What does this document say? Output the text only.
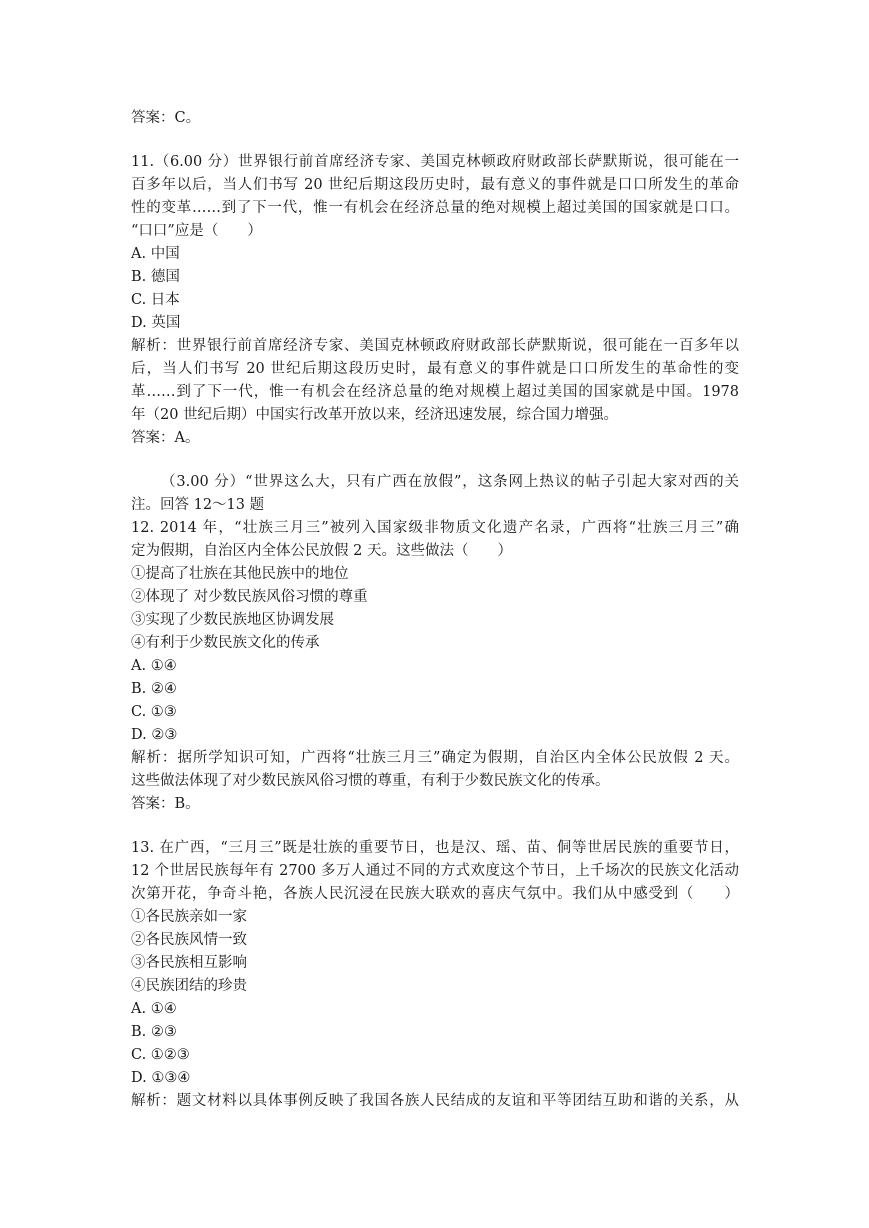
答案：C。
11.（6.00 分）世界银行前首席经济专家、美国克林顿政府财政部长萨默斯说，很可能在一
百多年以后，当人们书写 20 世纪后期这段历史时，最有意义的事件就是口口所发生的革命
性的变革……到了下一代，惟一有机会在经济总量的绝对规模上超过美国的国家就是口口。
“口口”应是（　　）
A. 中国
B. 德国
C. 日本
D. 英国
解析：世界银行前首席经济专家、美国克林顿政府财政部长萨默斯说，很可能在一百多年以
后，当人们书写 20 世纪后期这段历史时，最有意义的事件就是口口所发生的革命性的变
革……到了下一代，惟一有机会在经济总量的绝对规模上超过美国的国家就是中国。1978
年（20 世纪后期）中国实行改革开放以来，经济迅速发展，综合国力增强。
答案：A。
（3.00 分）“世界这么大，只有广西在放假”，这条网上热议的帖子引起大家对西的关
注。回答 12～13 题
12. 2014 年，“壮族三月三”被列入国家级非物质文化遗产名录，广西将“壮族三月三”确
定为假期，自治区内全体公民放假 2 天。这些做法（　　）
①提高了壮族在其他民族中的地位
②体现了 对少数民族风俗习惯的尊重
③实现了少数民族地区协调发展
④有利于少数民族文化的传承
A. ①④
B. ②④
C. ①③
D. ②③
解析：据所学知识可知，广西将“壮族三月三”确定为假期，自治区内全体公民放假 2 天。
这些做法体现了对少数民族风俗习惯的尊重，有利于少数民族文化的传承。
答案：B。
13. 在广西，“三月三”既是壮族的重要节日，也是汉、瑶、苗、侗等世居民族的重要节日，
12 个世居民族每年有 2700 多万人通过不同的方式欢度这个节日，上千场次的民族文化活动
次第开花，争奇斗艳，各族人民沉浸在民族大联欢的喜庆气氛中。我们从中感受到（　　）
①各民族亲如一家
②各民族风情一致
③各民族相互影响
④民族团结的珍贵
A. ①④
B. ②③
C. ①②③
D. ①③④
解析：题文材料以具体事例反映了我国各族人民结成的友谊和平等团结互助和谐的关系，从
